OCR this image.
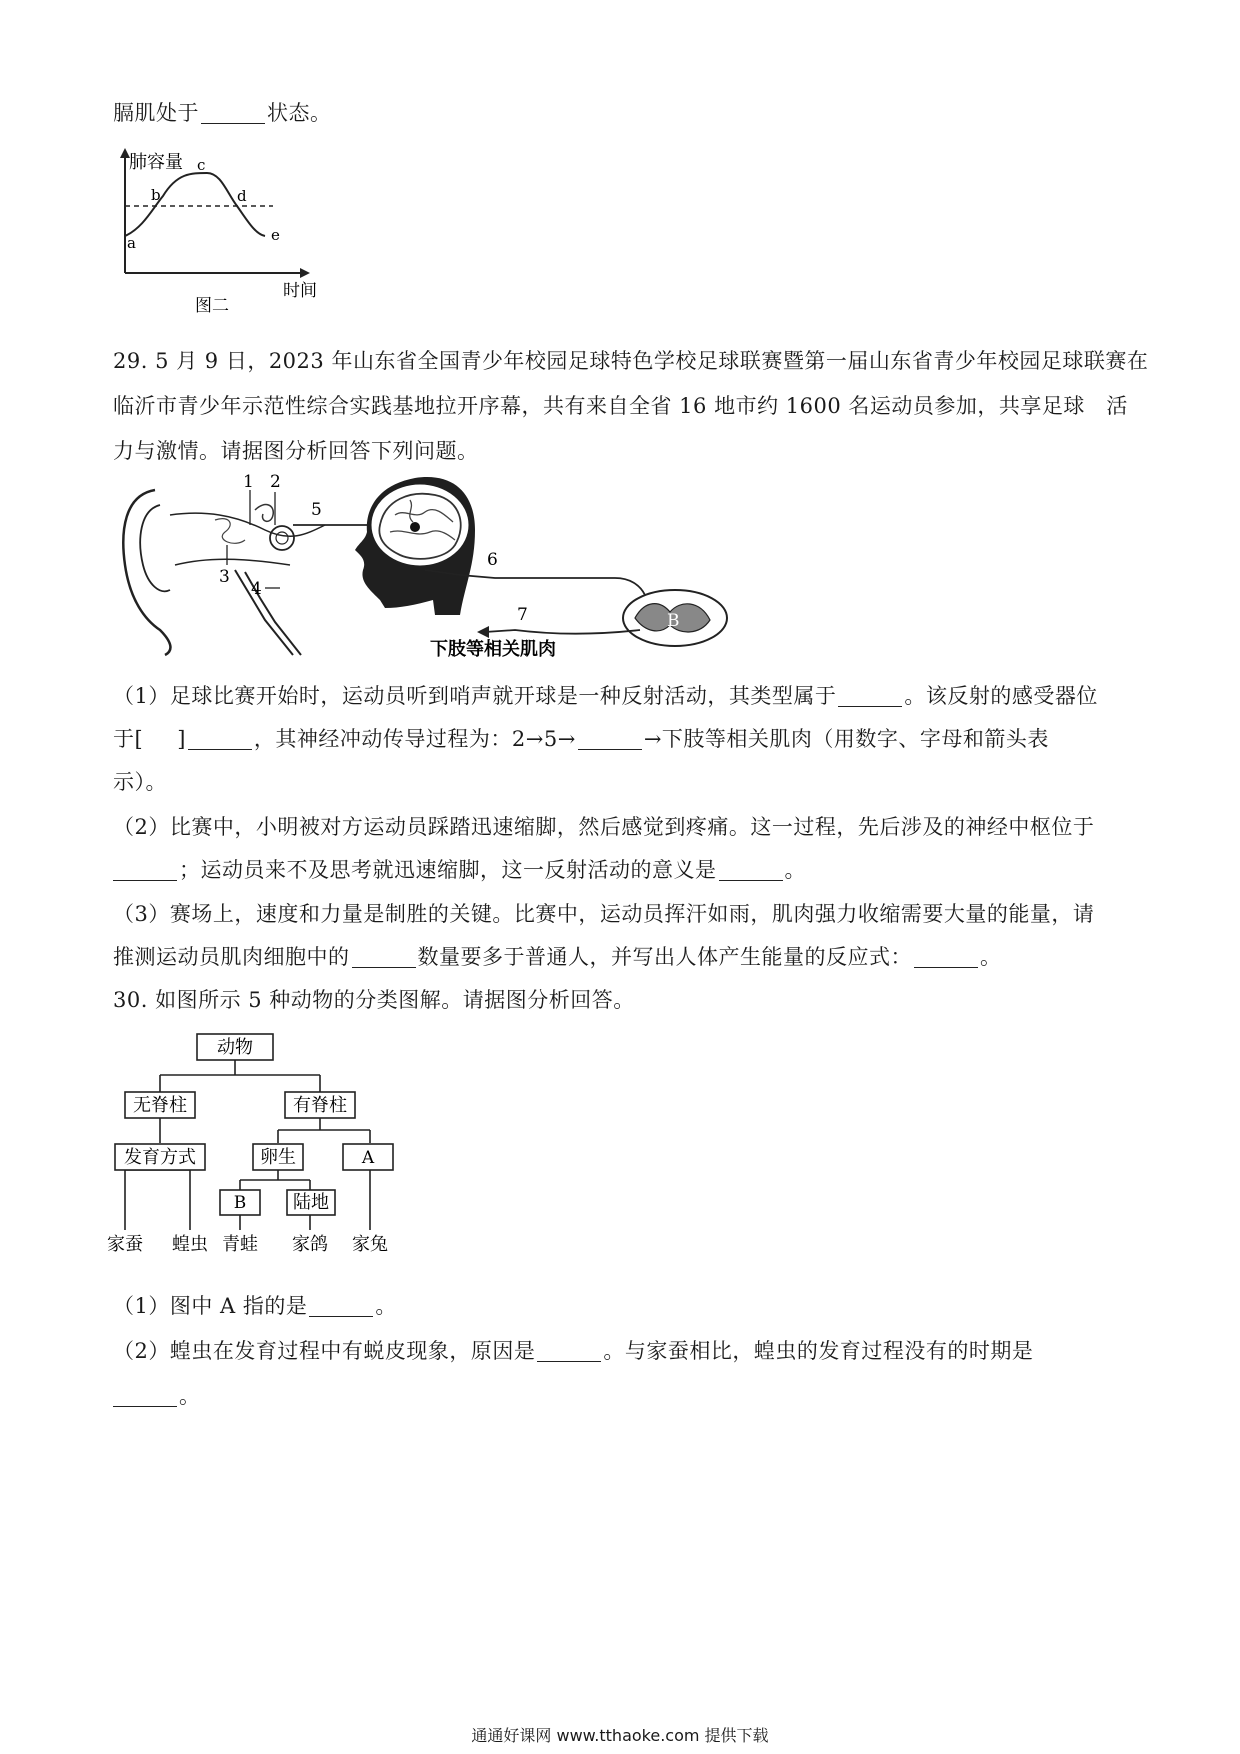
膈肌处于	状态。
肺容量
a
b
c
d
e
时间
图二
29. 5 月 9 日，2023 年山东省全国青少年校园足球特色学校足球联赛暨第一届山东省青少年校园足球联赛在
临沂市青少年示范性综合实践基地拉开序幕，共有来自全省 16 地市约 1600 名运动员参加，共享足球　活
力与激情。请据图分析回答下列问题。
1 2
3
4
5
6
B
7
下肢等相关肌肉
（1）足球比赛开始时，运动员听到哨声就开球是一种反射活动，其类型属于	。该反射的感受器位
于[ ]	，其神经冲动传导过程为：2→5→	→下肢等相关肌肉（用数字、字母和箭头表
示）。
（2）比赛中，小明被对方运动员踩踏迅速缩脚，然后感觉到疼痛。这一过程，先后涉及的神经中枢位于
；运动员来不及思考就迅速缩脚，这一反射活动的意义是	。
（3）赛场上，速度和力量是制胜的关键。比赛中，运动员挥汗如雨，肌肉强力收缩需要大量的能量，请
推测运动员肌肉细胞中的	数量要多于普通人，并写出人体产生能量的反应式：	。
30. 如图所示 5 种动物的分类图解。请据图分析回答。
动物
无脊柱	有脊柱
发育方式	卵生	A
B	陆地
家蚕 蝗虫 青蛙 家鸽 家兔
（1）图中 A 指的是	。
（2）蝗虫在发育过程中有蜕皮现象，原因是	。与家蚕相比，蝗虫的发育过程没有的时期是
。
通通好课网 www.tthaoke.com 提供下载
